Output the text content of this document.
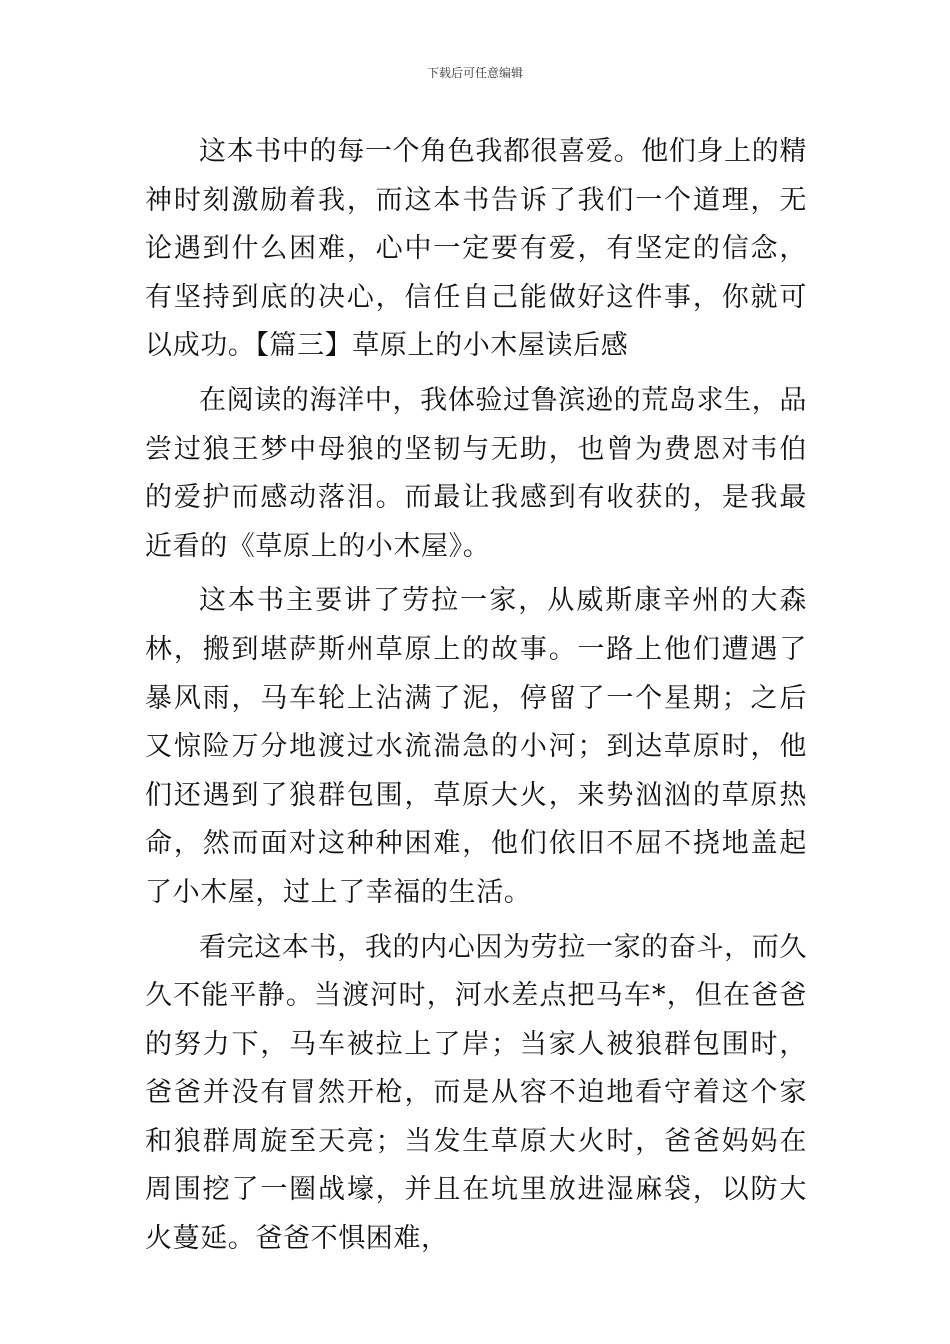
下载后可任意编辑

这本书中的每一个角色我都很喜爱。他们身上的精神时刻激励着我，而这本书告诉了我们一个道理，无论遇到什么困难，心中一定要有爱，有坚定的信念，有坚持到底的决心，信任自己能做好这件事，你就可以成功。【篇三】草原上的小木屋读后感

在阅读的海洋中，我体验过鲁滨逊的荒岛求生，品尝过狼王梦中母狼的坚韧与无助，也曾为费恩对韦伯的爱护而感动落泪。而最让我感到有收获的，是我最近看的《草原上的小木屋》。

这本书主要讲了劳拉一家，从威斯康辛州的大森林，搬到堪萨斯州草原上的故事。一路上他们遭遇了暴风雨，马车轮上沾满了泥，停留了一个星期；之后又惊险万分地渡过水流湍急的小河；到达草原时，他们还遇到了狼群包围，草原大火，来势汹汹的草原热命，然而面对这种种困难，他们依旧不屈不挠地盖起了小木屋，过上了幸福的生活。

看完这本书，我的内心因为劳拉一家的奋斗，而久久不能平静。当渡河时，河水差点把马车*，但在爸爸的努力下，马车被拉上了岸；当家人被狼群包围时，爸爸并没有冒然开枪，而是从容不迫地看守着这个家和狼群周旋至天亮；当发生草原大火时，爸爸妈妈在周围挖了一圈战壕，并且在坑里放进湿麻袋，以防大火蔓延。爸爸不惧困难，
